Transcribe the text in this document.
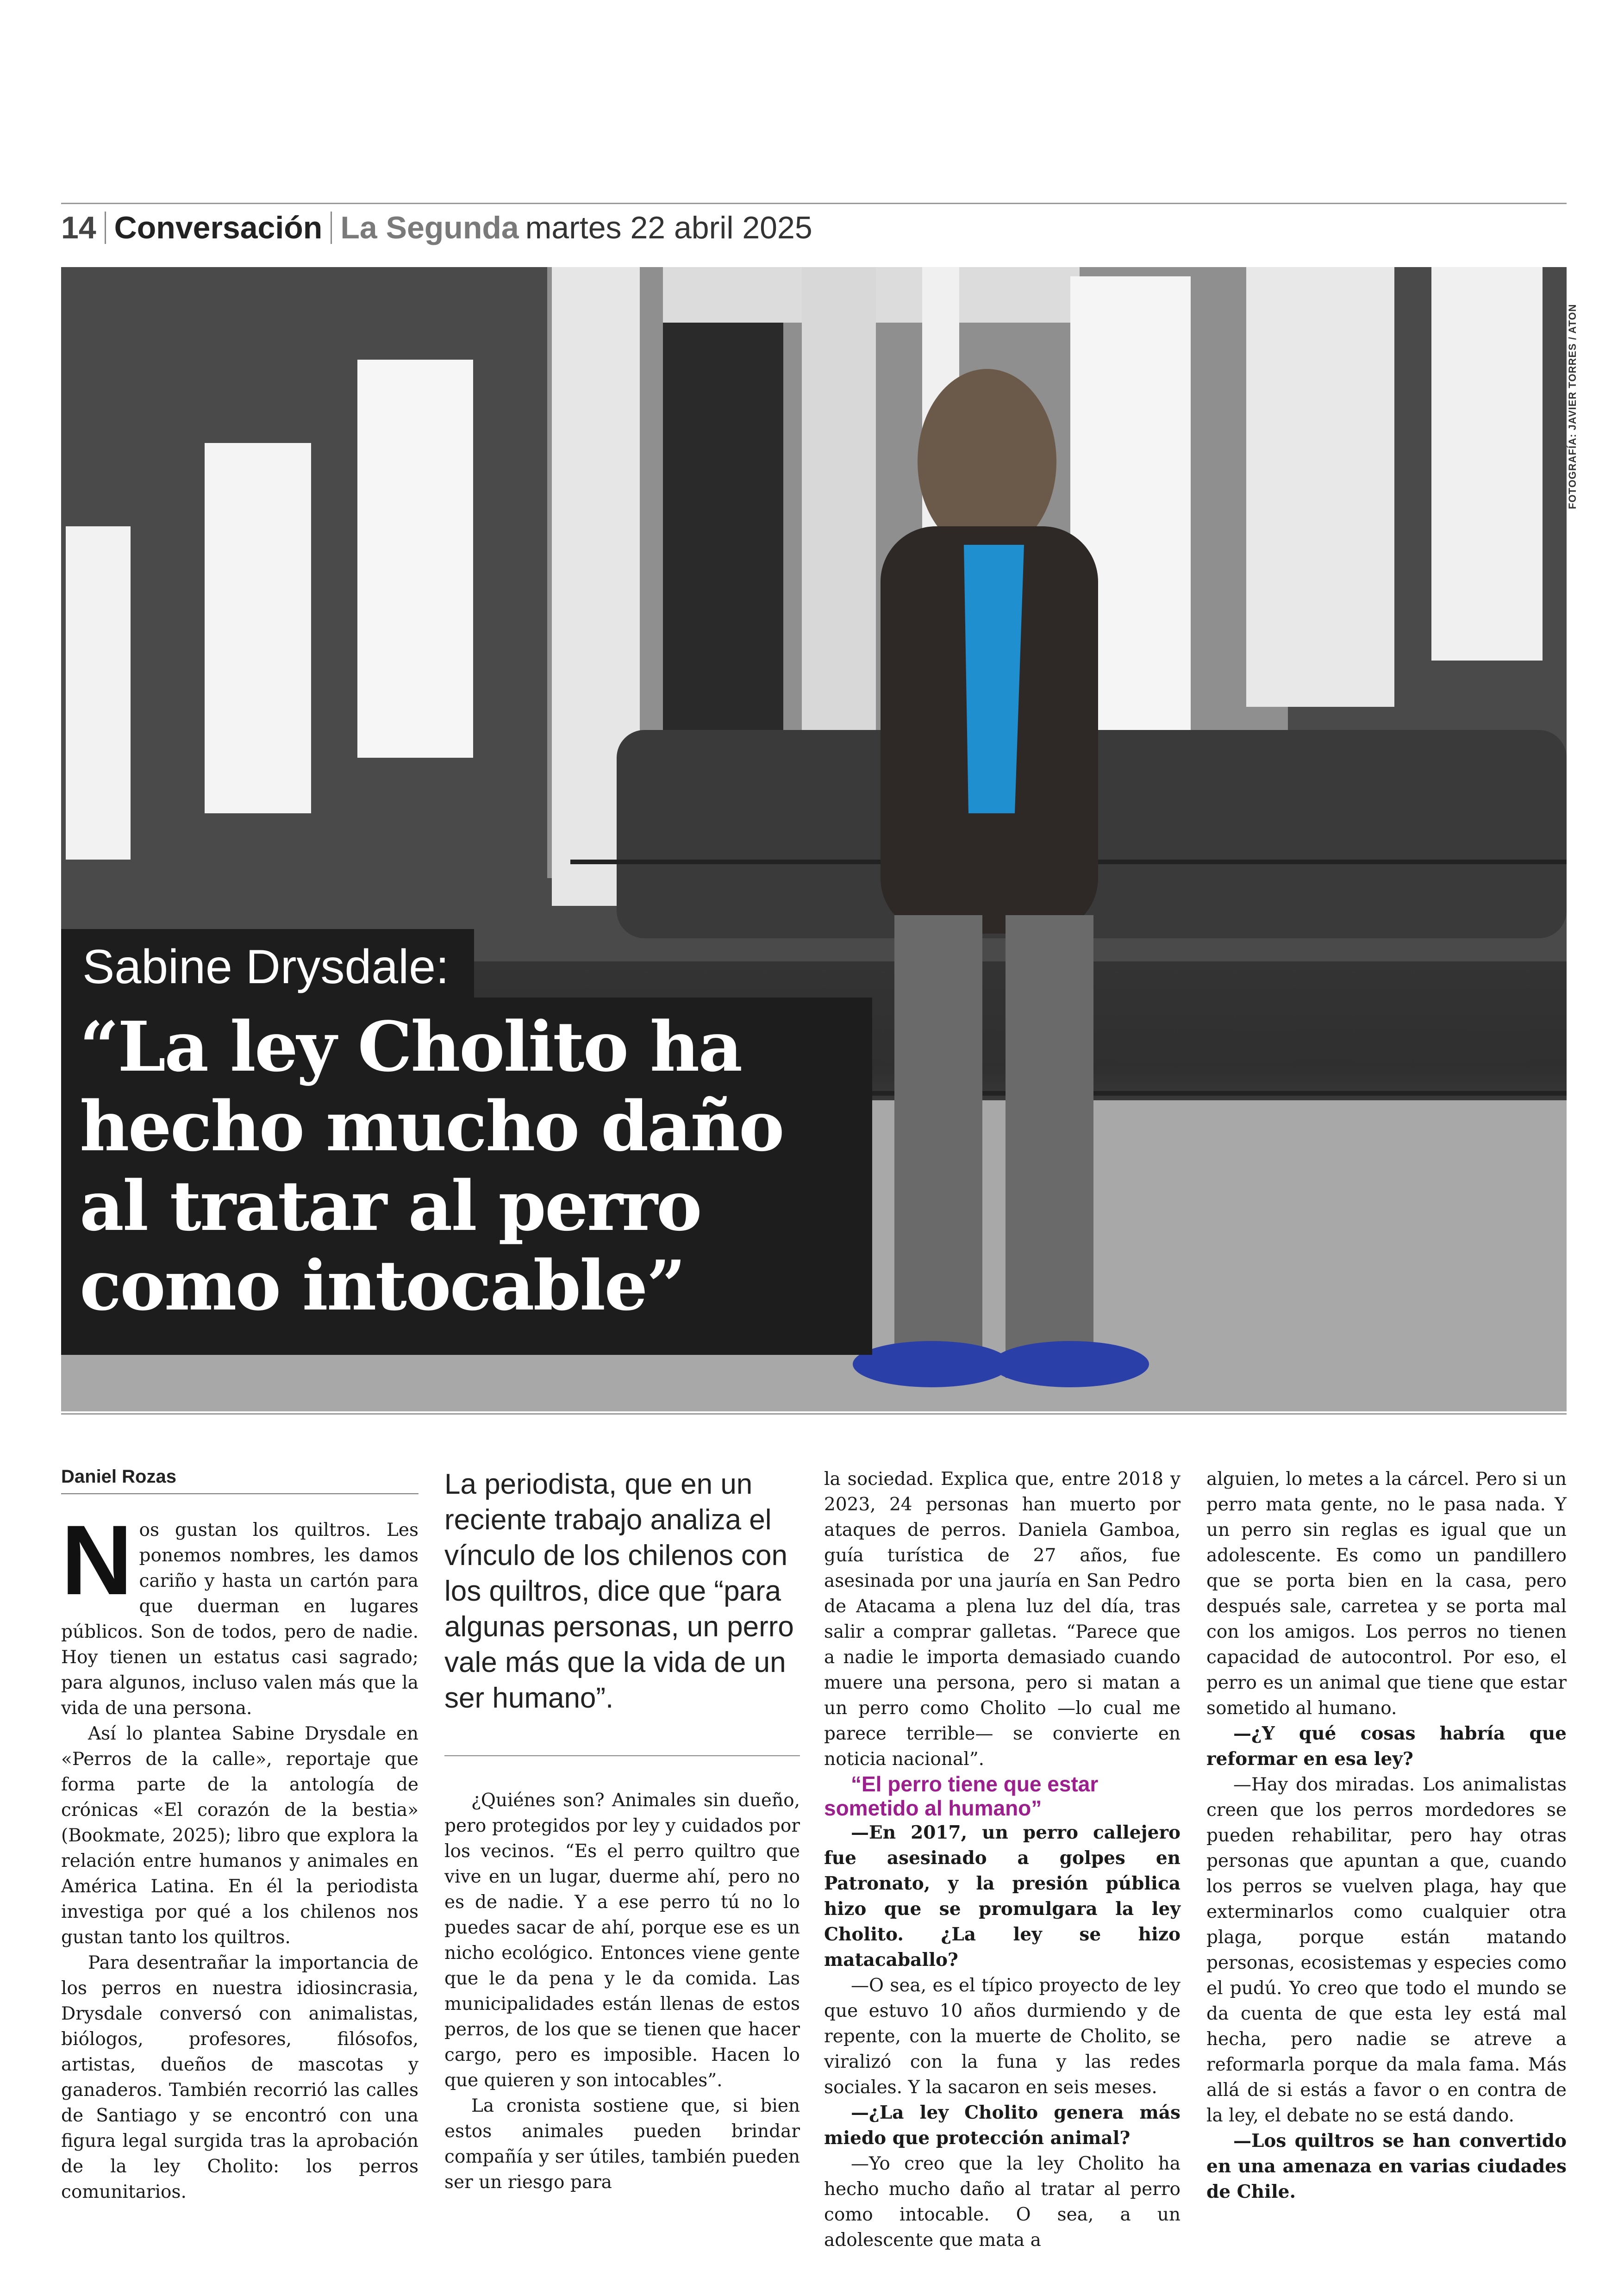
14 Conversación La Segunda martes 22 abril 2025
FOTOGRAFÍA: JAVIER TORRES / ATON
Sabine Drysdale:
“La ley Cholito ha
hecho mucho daño
al tratar al perro
como intocable”
Daniel Rozas

Nos gustan los quiltros. Les ponemos nombres, les damos cariño y hasta un cartón para que duerman en lugares públicos. Son de todos, pero de nadie. Hoy tienen un estatus casi sagrado; para algunos, incluso valen más que la vida de una persona.

Así lo plantea Sabine Drysdale en «Perros de la calle», reportaje que forma parte de la antología de crónicas «El corazón de la bestia» (Bookmate, 2025); libro que explora la relación entre humanos y animales en América Latina. En él la periodista investiga por qué a los chilenos nos gustan tanto los quiltros.

Para desentrañar la importancia de los perros en nuestra idiosincrasia, Drysdale conversó con animalistas, biólogos, profesores, filósofos, artistas, dueños de mascotas y ganaderos. También recorrió las calles de Santiago y se encontró con una figura legal surgida tras la aprobación de la ley Cholito: los perros comunitarios.

La periodista, que en un reciente trabajo analiza el vínculo de los chilenos con los quiltros, dice que “para algunas personas, un perro vale más que la vida de un ser humano”.

¿Quiénes son? Animales sin dueño, pero protegidos por ley y cuidados por los vecinos. “Es el perro quiltro que vive en un lugar, duerme ahí, pero no es de nadie. Y a ese perro tú no lo puedes sacar de ahí, porque ese es un nicho ecológico. Entonces viene gente que le da pena y le da comida. Las municipalidades están llenas de estos perros, de los que se tienen que hacer cargo, pero es imposible. Hacen lo que quieren y son intocables”.

La cronista sostiene que, si bien estos animales pueden brindar compañía y ser útiles, también pueden ser un riesgo para

la sociedad. Explica que, entre 2018 y 2023, 24 personas han muerto por ataques de perros. Daniela Gamboa, guía turística de 27 años, fue asesinada por una jauría en San Pedro de Atacama a plena luz del día, tras salir a comprar galletas. “Parece que a nadie le importa demasiado cuando muere una persona, pero si matan a un perro como Cholito —lo cual me parece terrible— se convierte en noticia nacional”.

“El perro tiene que estar sometido al humano”

—En 2017, un perro callejero fue asesinado a golpes en Patronato, y la presión pública hizo que se promulgara la ley Cholito. ¿La ley se hizo matacaballo?

—O sea, es el típico proyecto de ley que estuvo 10 años durmiendo y de repente, con la muerte de Cholito, se viralizó con la funa y las redes sociales. Y la sacaron en seis meses.

—¿La ley Cholito genera más miedo que protección animal?

—Yo creo que la ley Cholito ha hecho mucho daño al tratar al perro como intocable. O sea, a un adolescente que mata a

alguien, lo metes a la cárcel. Pero si un perro mata gente, no le pasa nada. Y un perro sin reglas es igual que un adolescente. Es como un pandillero que se porta bien en la casa, pero después sale, carretea y se porta mal con los amigos. Los perros no tienen capacidad de autocontrol. Por eso, el perro es un animal que tiene que estar sometido al humano.

—¿Y qué cosas habría que reformar en esa ley?

—Hay dos miradas. Los animalistas creen que los perros mordedores se pueden rehabilitar, pero hay otras personas que apuntan a que, cuando los perros se vuelven plaga, hay que exterminarlos como cualquier otra plaga, porque están matando personas, ecosistemas y especies como el pudú. Yo creo que todo el mundo se da cuenta de que esta ley está mal hecha, pero nadie se atreve a reformarla porque da mala fama. Más allá de si estás a favor o en contra de la ley, el debate no se está dando.

—Los quiltros se han convertido en una amenaza en varias ciudades de Chile.
